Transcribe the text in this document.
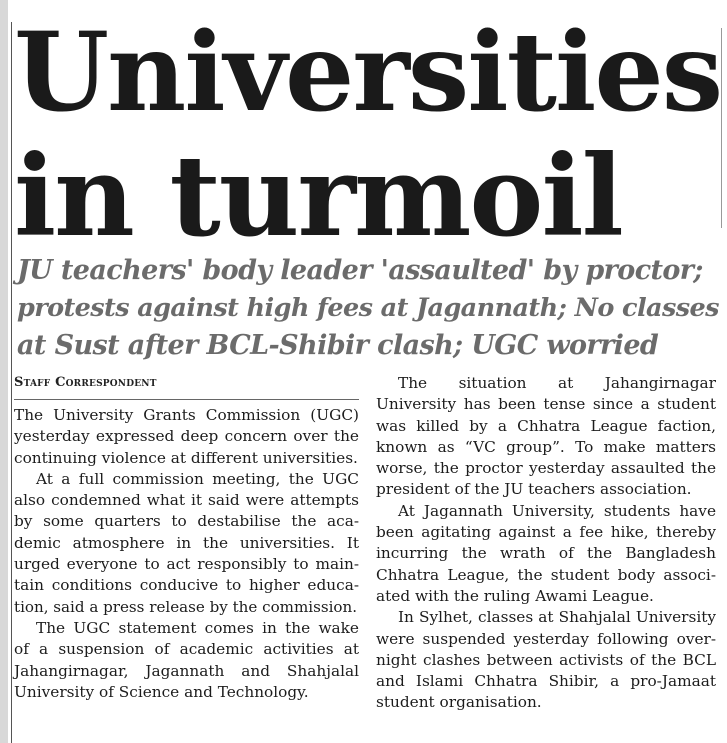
Universities
in turmoil
JU teachers' body leader 'assaulted' by proctor;
protests against high fees at Jagannath; No classes
at Sust after BCL-Shibir clash; UGC worried
Staff Correspondent

The University Grants Commission (UGC)
yesterday expressed deep concern over the
continuing violence at different universities.

At a full commission meeting, the UGC
also condemned what it said were attempts
by some quarters to destabilise the aca-
demic atmosphere in the universities. It
urged everyone to act responsibly to main-
tain conditions conducive to higher educa-
tion, said a press release by the commission.

The UGC statement comes in the wake
of a suspension of academic activities at
Jahangirnagar, Jagannath and Shahjalal
University of Science and Technology.

The situation at Jahangirnagar
University has been tense since a student
was killed by a Chhatra League faction,
known as “VC group”. To make matters
worse, the proctor yesterday assaulted the
president of the JU teachers association.

At Jagannath University, students have
been agitating against a fee hike, thereby
incurring the wrath of the Bangladesh
Chhatra League, the student body associ-
ated with the ruling Awami League.

In Sylhet, classes at Shahjalal University
were suspended yesterday following over-
night clashes between activists of the BCL
and Islami Chhatra Shibir, a pro-Jamaat
student organisation.
